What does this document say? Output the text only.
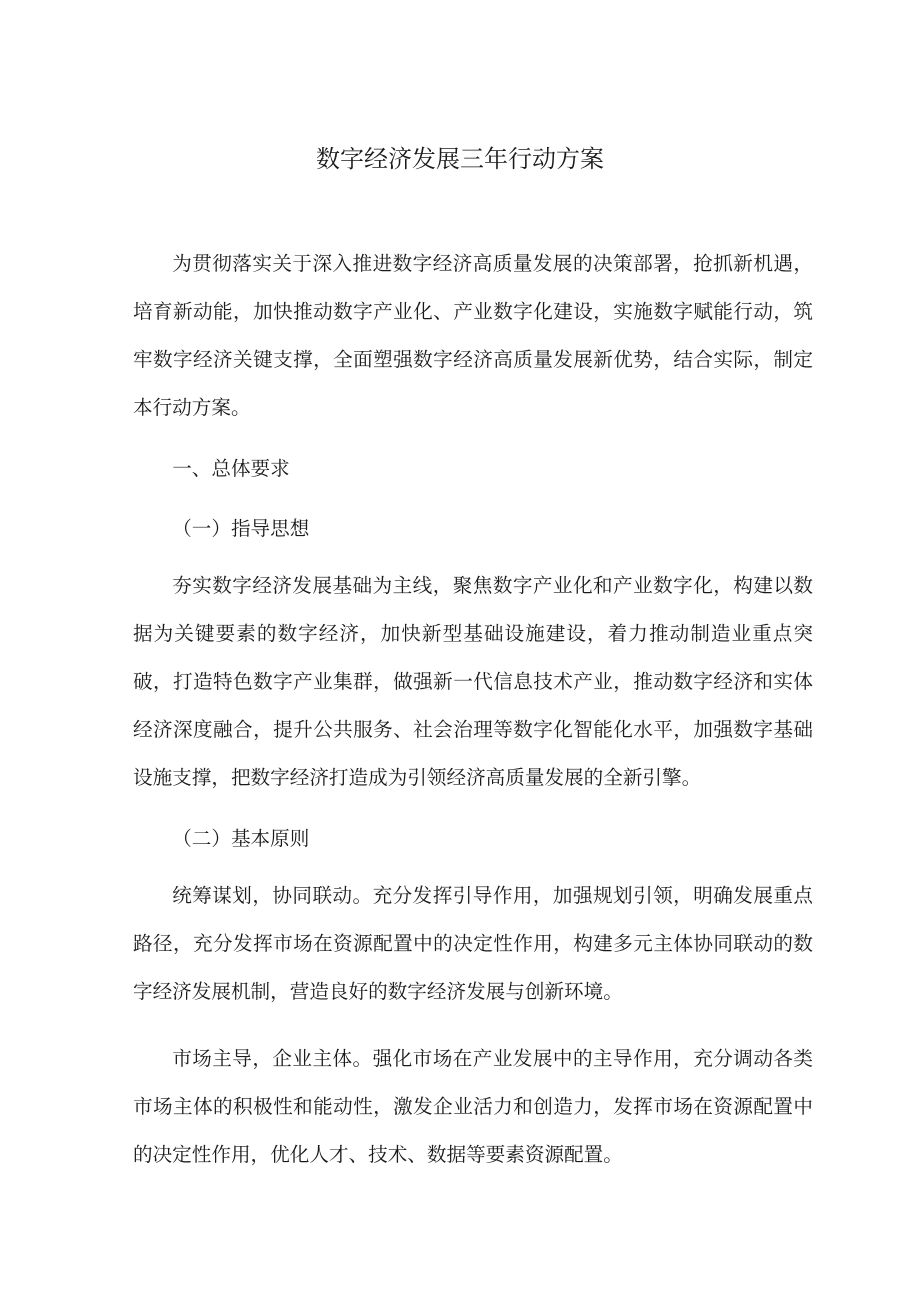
数字经济发展三年行动方案

为贯彻落实关于深入推进数字经济高质量发展的决策部署，抢抓新机遇，培育新动能，加快推动数字产业化、产业数字化建设，实施数字赋能行动，筑牢数字经济关键支撑，全面塑强数字经济高质量发展新优势，结合实际，制定本行动方案。

一、总体要求
（一）指导思想

夯实数字经济发展基础为主线，聚焦数字产业化和产业数字化，构建以数据为关键要素的数字经济，加快新型基础设施建设，着力推动制造业重点突破，打造特色数字产业集群，做强新一代信息技术产业，推动数字经济和实体经济深度融合，提升公共服务、社会治理等数字化智能化水平，加强数字基础设施支撑，把数字经济打造成为引领经济高质量发展的全新引擎。

（二）基本原则

统筹谋划，协同联动。充分发挥引导作用，加强规划引领，明确发展重点路径，充分发挥市场在资源配置中的决定性作用，构建多元主体协同联动的数字经济发展机制，营造良好的数字经济发展与创新环境。

市场主导，企业主体。强化市场在产业发展中的主导作用，充分调动各类市场主体的积极性和能动性，激发企业活力和创造力，发挥市场在资源配置中的决定性作用，优化人才、技术、数据等要素资源配置。
